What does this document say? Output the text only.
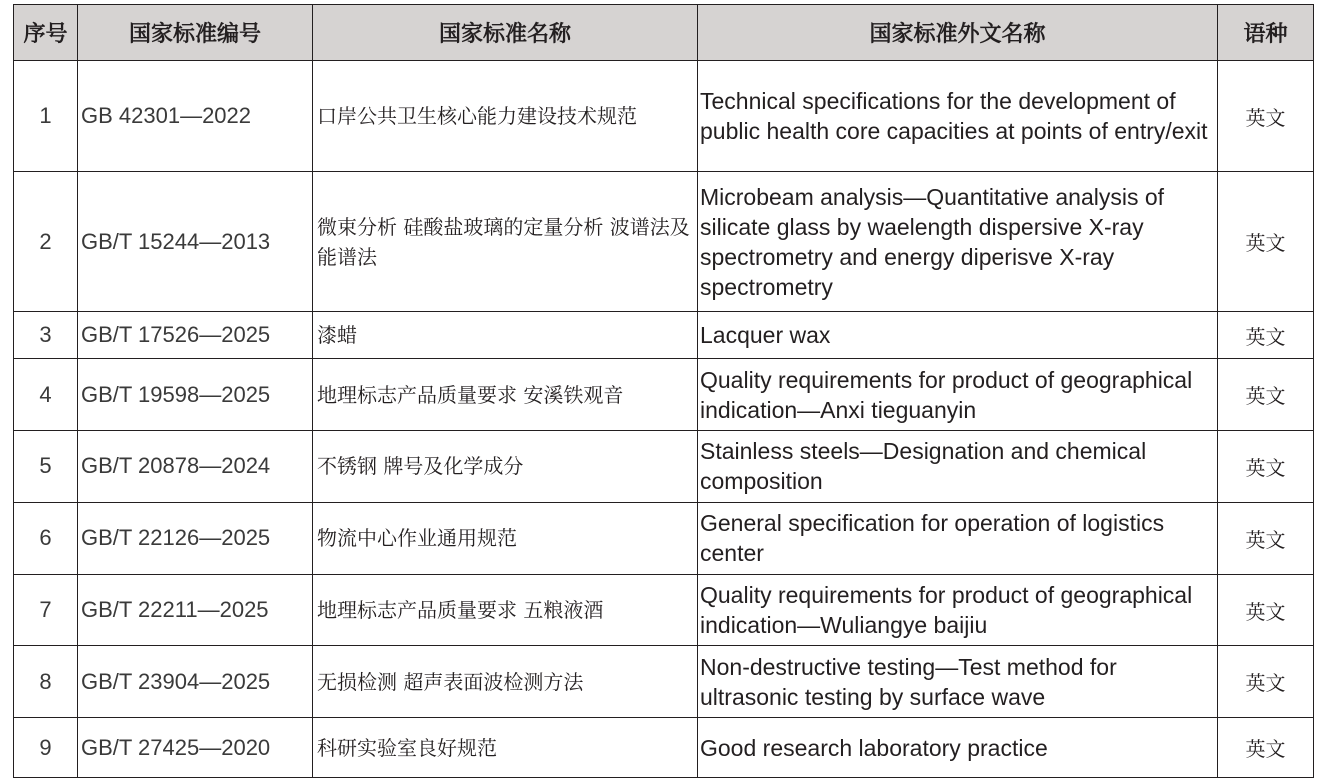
序号	国家标准编号	国家标准名称	国家标准外文名称	语种
1	GB 42301—2022	口岸公共卫生核心能力建设技术规范	Technical specifications for the development of public health core capacities at points of entry/exit	英文
2	GB/T 15244—2013	微束分析 硅酸盐玻璃的定量分析 波谱法及能谱法	Microbeam analysis—Quantitative analysis of silicate glass by waelength dispersive X-ray spectrometry and energy diperisve X-ray spectrometry	英文
3	GB/T 17526—2025	漆蜡	Lacquer wax	英文
4	GB/T 19598—2025	地理标志产品质量要求 安溪铁观音	Quality requirements for product of geographical indication—Anxi tieguanyin	英文
5	GB/T 20878—2024	不锈钢 牌号及化学成分	Stainless steels—Designation and chemical composition	英文
6	GB/T 22126—2025	物流中心作业通用规范	General specification for operation of logistics center	英文
7	GB/T 22211—2025	地理标志产品质量要求 五粮液酒	Quality requirements for product of geographical indication—Wuliangye baijiu	英文
8	GB/T 23904—2025	无损检测 超声表面波检测方法	Non-destructive testing—Test method for ultrasonic testing by surface wave	英文
9	GB/T 27425—2020	科研实验室良好规范	Good research laboratory practice	英文
